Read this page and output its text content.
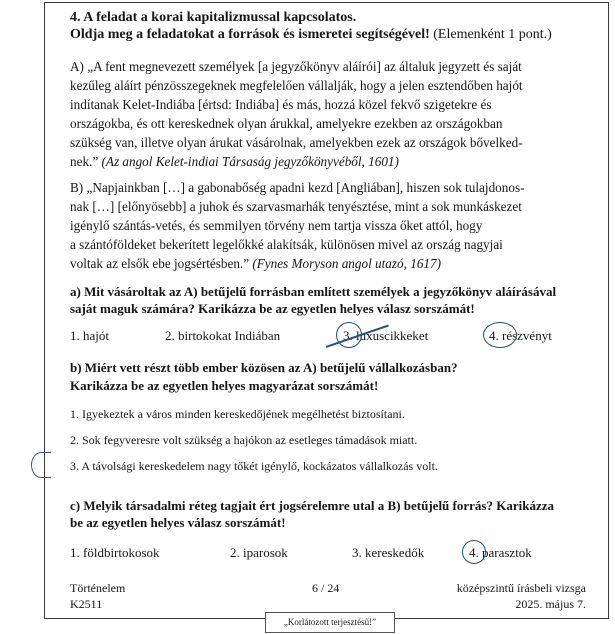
4. A feladat a korai kapitalizmussal kapcsolatos.
Oldja meg a feladatokat a források és ismeretei segítségével! (Elemenként 1 pont.)
A) „A fent megnevezett személyek [a jegyzőkönyv aláírói] az általuk jegyzett és saját
kezűleg aláírt pénzösszegeknek megfelelően vállalják, hogy a jelen esztendőben hajót
indítanak Kelet-Indiába [értsd: Indiába] és más, hozzá közel fekvő szigetekre és
országokba, és ott kereskednek olyan árukkal, amelyekre ezekben az országokban
szükség van, illetve olyan árukat vásárolnak, amelyekben ezek az országok bővelked-
nek.” (Az angol Kelet-indiai Társaság jegyzőkönyvéből, 1601)
B) „Napjainkban […] a gabonabőség apadni kezd [Angliában], hiszen sok tulajdonos-
nak […] [előnyösebb] a juhok és szarvasmarhák tenyésztése, mint a sok munkáskezet
igénylő szántás-vetés, és semmilyen törvény nem tartja vissza őket attól, hogy
a szántóföldeket bekerített legelőkké alakítsák, különösen mivel az ország nagyjai
voltak az elsők ebe jogsértésben.” (Fynes Moryson angol utazó, 1617)
a) Mit vásároltak az A) betűjelű forrásban említett személyek a jegyzőkönyv aláírásával
saját maguk számára? Karikázza be az egyetlen helyes válasz sorszámát!
1. hajót	2. birtokokat Indiában	3. luxuscikkeket	4. részvényt
b) Miért vett részt több ember közösen az A) betűjelű vállalkozásban?
Karikázza be az egyetlen helyes magyarázat sorszámát!
1. Igyekeztek a város minden kereskedőjének megélhetést biztosítani.
2. Sok fegyveresre volt szükség a hajókon az esetleges támadások miatt.
3. A távolsági kereskedelem nagy tőkét igénylő, kockázatos vállalkozás volt.
c) Melyik társadalmi réteg tagjait ért jogsérelemre utal a B) betűjelű forrás? Karikázza
be az egyetlen helyes válasz sorszámát!
1. földbirtokosok	2. iparosok	3. kereskedők	4. parasztok
Történelem
K2511
6 / 24	középszintű írásbeli vizsga
2025. május 7.
„Korlátozott terjesztésű!”
